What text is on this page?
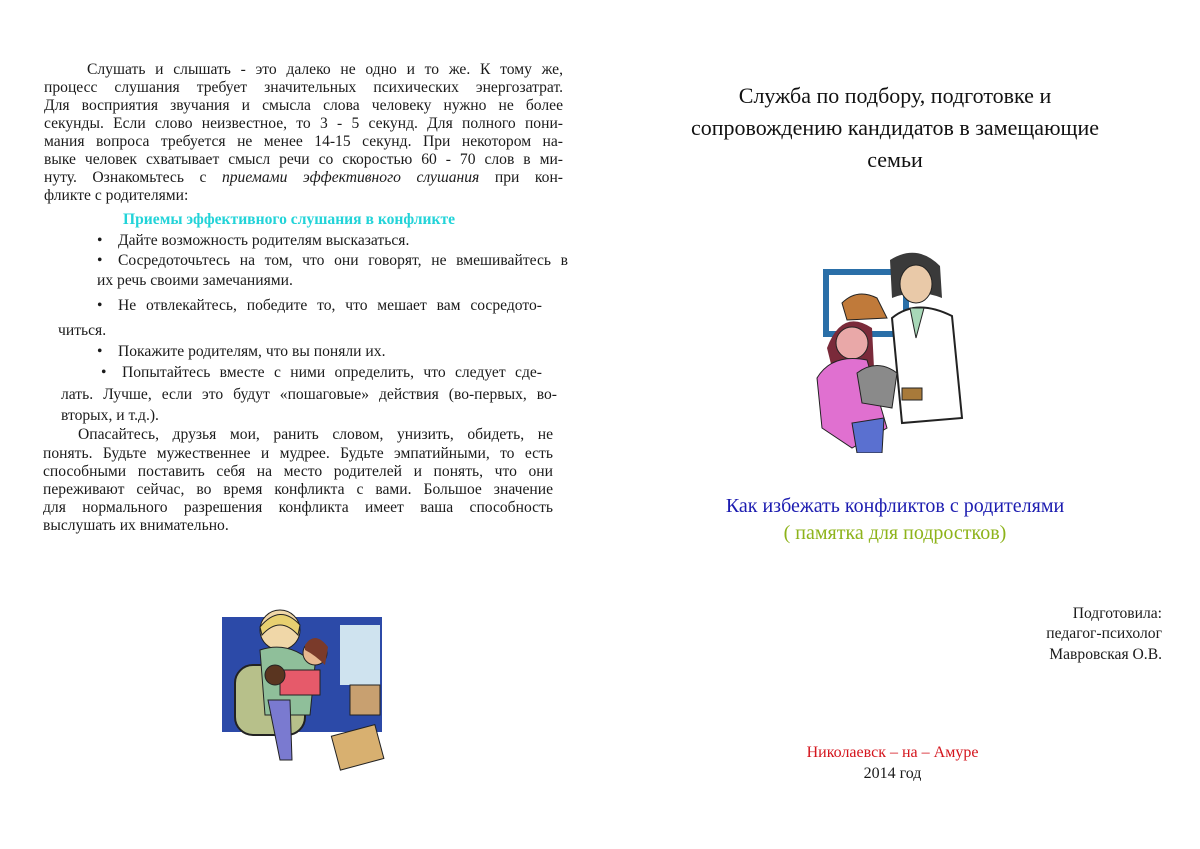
Слушать и слышать - это далеко не одно и то же. К тому же,
процесс слушания требует значительных психических энергозатрат.
Для восприятия звучания и смысла слова человеку нужно не более
секунды. Если слово неизвестное, то 3 - 5 секунд. Для полного пони-
мания вопроса требуется не менее 14-15 секунд. При некотором на-
выке человек схватывает смысл речи со скоростью 60 - 70 слов в ми-
нуту. Ознакомьтесь с приемами эффективного слушания при кон-
фликте с родителями:
Приемы эффективного слушания в конфликте
• Дайте возможность родителям высказаться.
• Сосредоточьтесь на том, что они говорят, не вмешивайтесь в
их речь своими замечаниями.
• Не отвлекайтесь, победите то, что мешает вам сосредото-
читься.
• Покажите родителям, что вы поняли их.
• Попытайтесь вместе с ними определить, что следует сде-
лать. Лучше, если это будут «пошаговые» действия (во-первых, во-
вторых, и т.д.).
Опасайтесь, друзья мои, ранить словом, унизить, обидеть, не
понять. Будьте мужественнее и мудрее. Будьте эмпатийными, то есть
способными поставить себя на место родителей и понять, что они
переживают сейчас, во время конфликта с вами. Большое значение
для нормального разрешения конфликта имеет ваша способность
выслушать их внимательно.
Служба по подбору, подготовке и
сопровождению кандидатов в замещающие
семьи
Как избежать конфликтов с родителями
( памятка для подростков)
Подготовила:
педагог-психолог
Мавровская О.В.
Николаевск – на – Амуре
2014 год
